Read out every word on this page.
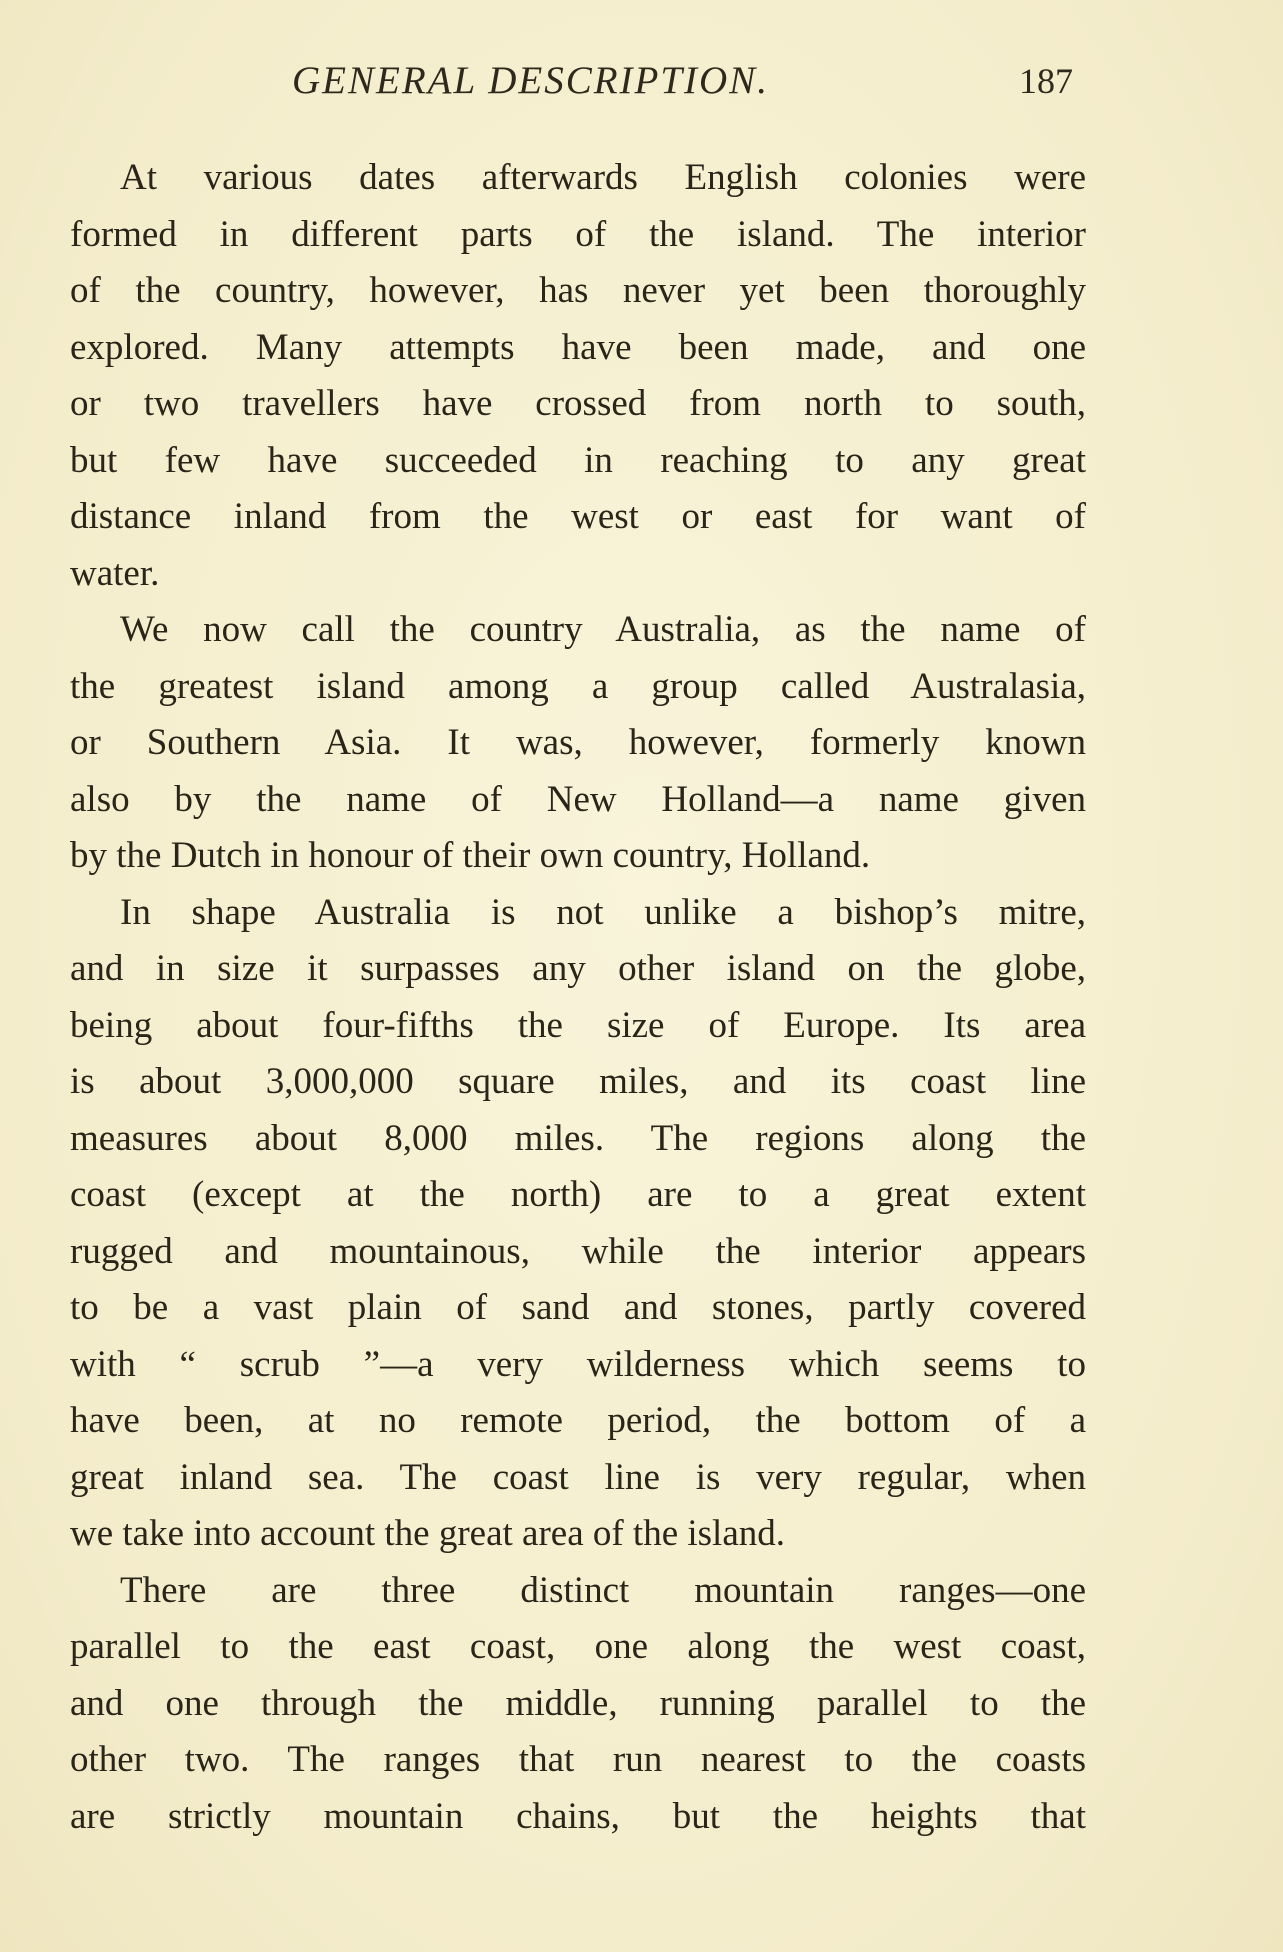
GENERAL DESCRIPTION.	187
At various dates afterwards English colonies were
formed in different parts of the island. The interior
of the country, however, has never yet been thoroughly
explored. Many attempts have been made, and one
or two travellers have crossed from north to south,
but few have succeeded in reaching to any great
distance inland from the west or east for want of
water.
We now call the country Australia, as the name of
the greatest island among a group called Australasia,
or Southern Asia. It was, however, formerly known
also by the name of New Holland—a name given
by the Dutch in honour of their own country, Holland.
In shape Australia is not unlike a bishop’s mitre,
and in size it surpasses any other island on the globe,
being about four-fifths the size of Europe. Its area
is about 3,000,000 square miles, and its coast line
measures about 8,000 miles. The regions along the
coast (except at the north) are to a great extent
rugged and mountainous, while the interior appears
to be a vast plain of sand and stones, partly covered
with “ scrub ”—a very wilderness which seems to
have been, at no remote period, the bottom of a
great inland sea. The coast line is very regular, when
we take into account the great area of the island.
There are three distinct mountain ranges—one
parallel to the east coast, one along the west coast,
and one through the middle, running parallel to the
other two. The ranges that run nearest to the coasts
are strictly mountain chains, but the heights that
